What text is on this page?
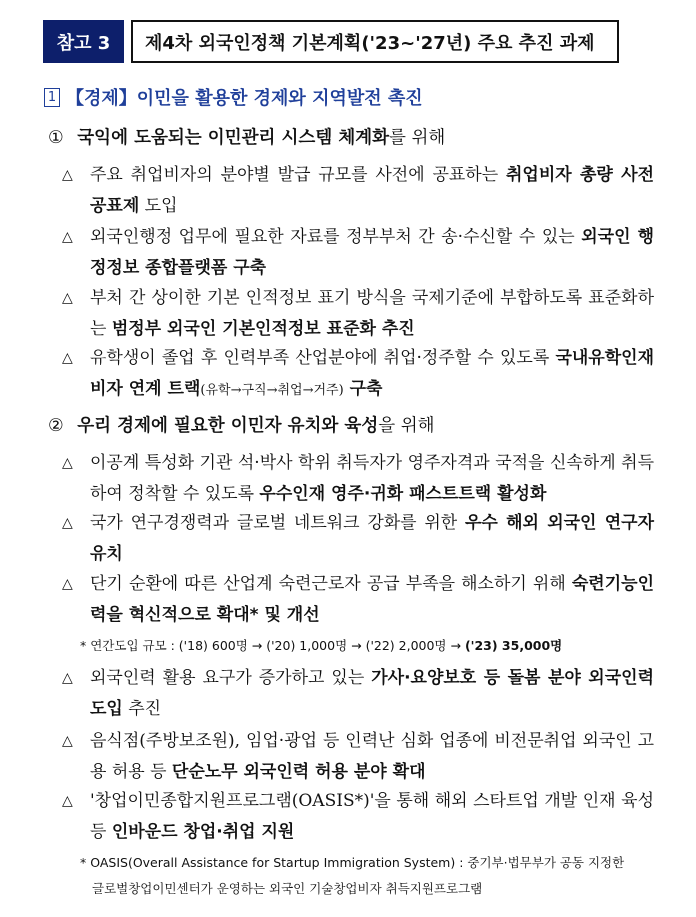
참고 3	제4차 외국인정책 기본계획('23~'27년) 주요 추진 과제
1 【경제】이민을 활용한 경제와 지역발전 촉진
① 국익에 도움되는 이민관리 시스템 체계화를 위해
△	주요 취업비자의 분야별 발급 규모를 사전에 공표하는 취업비자 총량 사전 공표제 도입
△	외국인행정 업무에 필요한 자료를 정부부처 간 송·수신할 수 있는 외국인 행정정보 종합플랫폼 구축
△	부처 간 상이한 기본 인적정보 표기 방식을 국제기준에 부합하도록 표준화하는 범정부 외국인 기본인적정보 표준화 추진
△	유학생이 졸업 후 인력부족 산업분야에 취업·정주할 수 있도록 국내유학인재 비자 연계 트랙(유학→구직→취업→거주) 구축
② 우리 경제에 필요한 이민자 유치와 육성을 위해
△	이공계 특성화 기관 석·박사 학위 취득자가 영주자격과 국적을 신속하게 취득하여 정착할 수 있도록 우수인재 영주·귀화 패스트트랙 활성화
△	국가 연구경쟁력과 글로벌 네트워크 강화를 위한 우수 해외 외국인 연구자 유치
△	단기 순환에 따른 산업계 숙련근로자 공급 부족을 해소하기 위해 숙련기능인력을 혁신적으로 확대* 및 개선
* 연간도입 규모 : ('18) 600명 → ('20) 1,000명 → ('22) 2,000명 → ('23) 35,000명
△	외국인력 활용 요구가 증가하고 있는 가사·요양보호 등 돌봄 분야 외국인력 도입 추진
△	음식점(주방보조원), 임업·광업 등 인력난 심화 업종에 비전문취업 외국인 고용 허용 등 단순노무 외국인력 허용 분야 확대
△	'창업이민종합지원프로그램(OASIS*)'을 통해 해외 스타트업 개발 인재 육성 등 인바운드 창업·취업 지원
* OASIS(Overall Assistance for Startup Immigration System) : 중기부·법무부가 공동 지정한
글로벌창업이민센터가 운영하는 외국인 기술창업비자 취득지원프로그램
